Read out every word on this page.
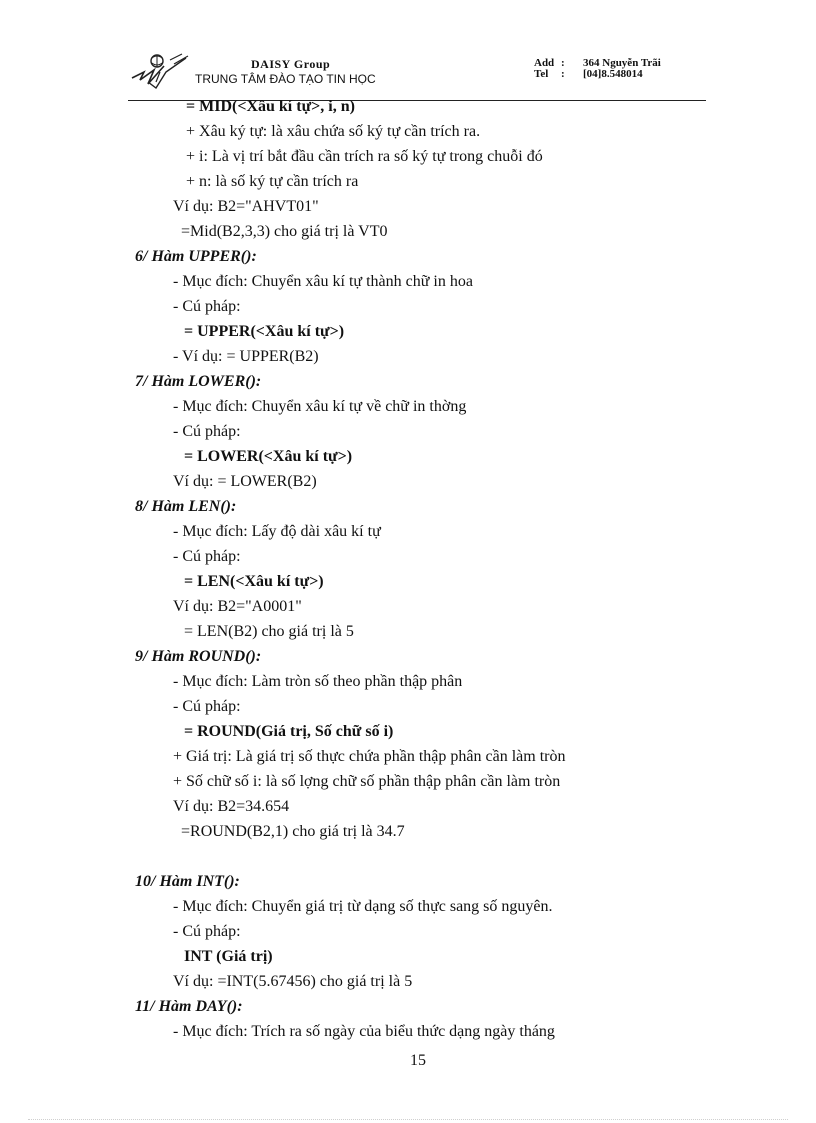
DAISY Group
TRUNG TÂM ĐÀO TẠO TIN HỌC
Add :	364 Nguyễn Trãi
Tel	:	[04]8.548014
= MID(<Xâu kí tự>, i, n)
+ Xâu ký tự: là xâu chứa số ký tự cần trích ra.
+ i: Là vị trí bắt đầu cần trích ra số ký tự trong chuỗi đó
+ n: là số ký tự cần trích ra
Ví dụ: B2="AHVT01"
=Mid(B2,3,3) cho giá trị là VT0
6/ Hàm UPPER():
- Mục đích: Chuyển xâu kí tự thành chữ in hoa
- Cú pháp:
= UPPER(<Xâu kí tự>)
- Ví dụ: = UPPER(B2)
7/ Hàm LOWER():
- Mục đích: Chuyển xâu kí tự về chữ in thờng
- Cú pháp:
= LOWER(<Xâu kí tự>)
Ví dụ: = LOWER(B2)
8/ Hàm LEN():
- Mục đích: Lấy độ dài xâu kí tự
- Cú pháp:
= LEN(<Xâu kí tự>)
Ví dụ: B2="A0001"
= LEN(B2) cho giá trị là 5
9/ Hàm ROUND():
- Mục đích: Làm tròn số theo phần thập phân
- Cú pháp:
= ROUND(Giá trị, Số chữ số i)
+ Giá trị: Là giá trị số thực chứa phần thập phân cần làm tròn
+ Số chữ số i: là số lợng chữ số phần thập phân cần làm tròn
Ví dụ: B2=34.654
=ROUND(B2,1) cho giá trị là 34.7
10/ Hàm INT():
- Mục đích: Chuyển giá trị từ dạng số thực sang số nguyên.
- Cú pháp:
INT (Giá trị)
Ví dụ: =INT(5.67456) cho giá trị là 5
11/ Hàm DAY():
- Mục đích: Trích ra số ngày của biểu thức dạng ngày tháng
15
